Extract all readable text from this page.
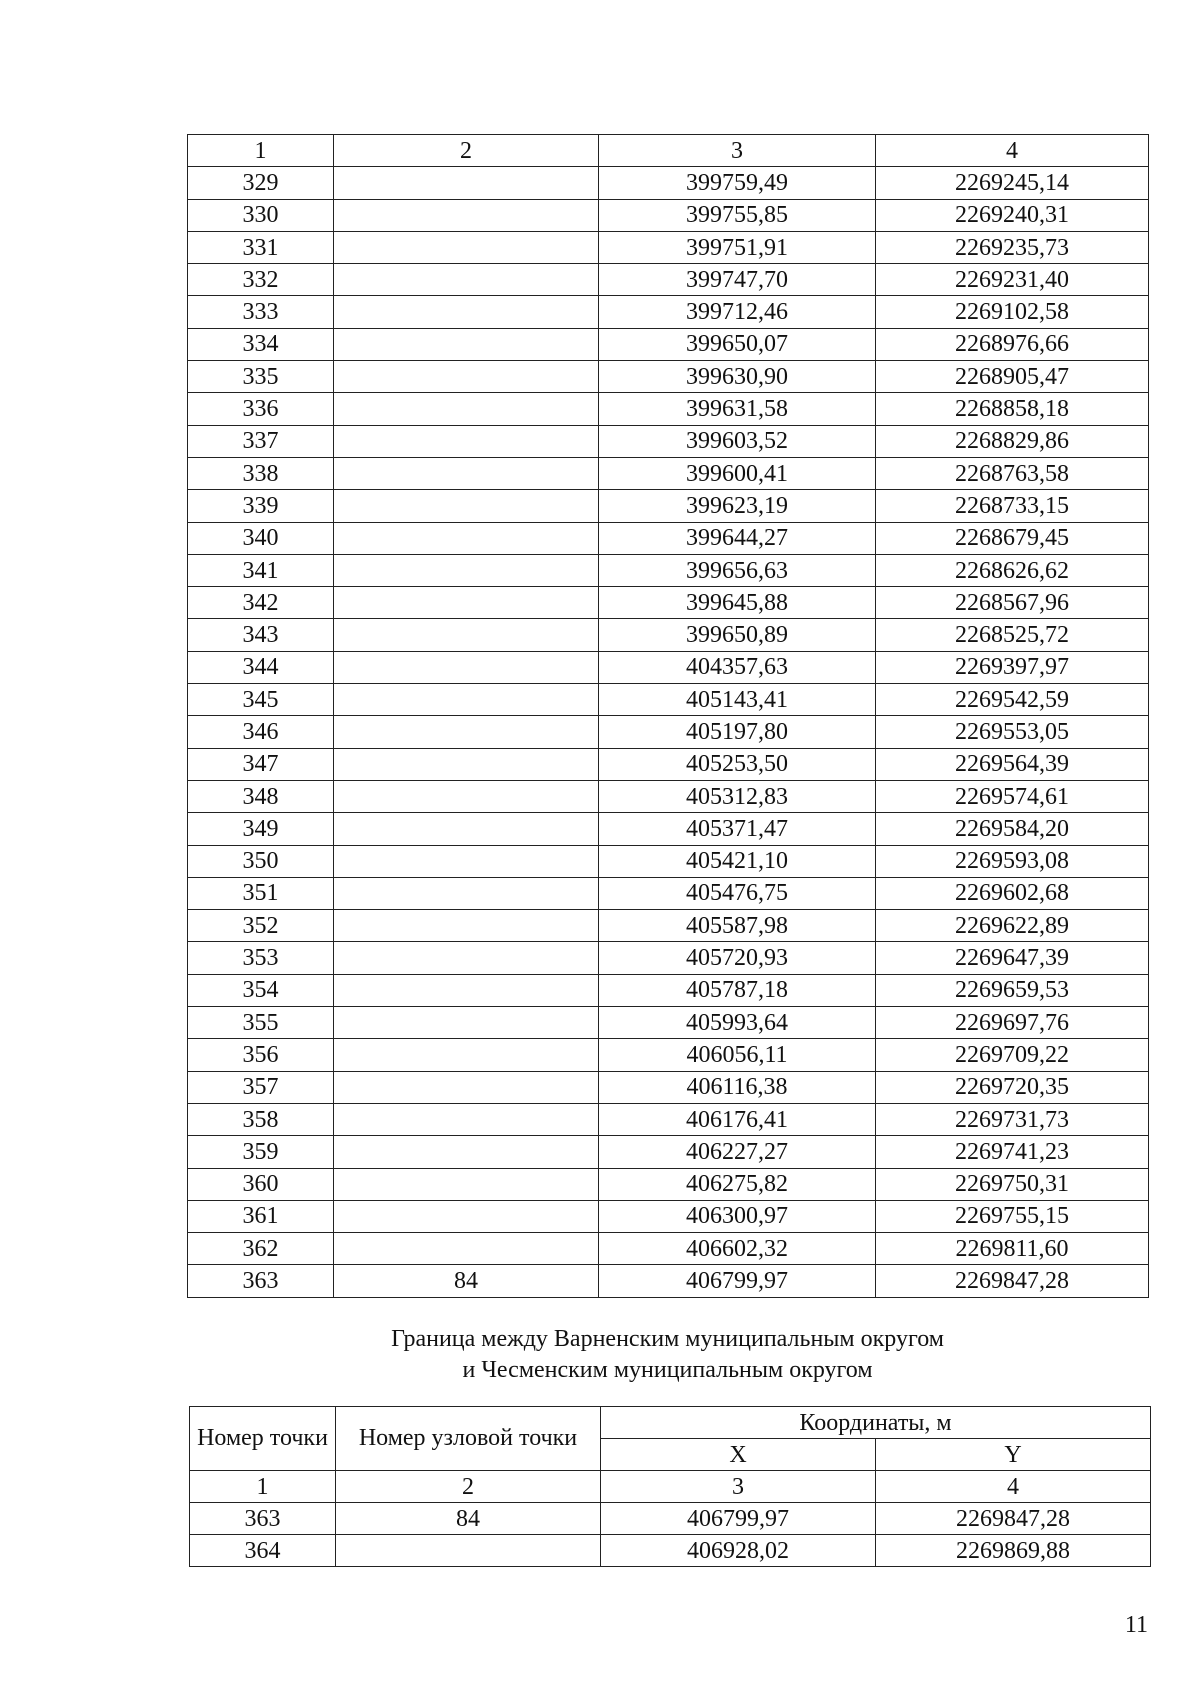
1	2	3	4
329		399759,49	2269245,14
330		399755,85	2269240,31
331		399751,91	2269235,73
332		399747,70	2269231,40
333		399712,46	2269102,58
334		399650,07	2268976,66
335		399630,90	2268905,47
336		399631,58	2268858,18
337		399603,52	2268829,86
338		399600,41	2268763,58
339		399623,19	2268733,15
340		399644,27	2268679,45
341		399656,63	2268626,62
342		399645,88	2268567,96
343		399650,89	2268525,72
344		404357,63	2269397,97
345		405143,41	2269542,59
346		405197,80	2269553,05
347		405253,50	2269564,39
348		405312,83	2269574,61
349		405371,47	2269584,20
350		405421,10	2269593,08
351		405476,75	2269602,68
352		405587,98	2269622,89
353		405720,93	2269647,39
354		405787,18	2269659,53
355		405993,64	2269697,76
356		406056,11	2269709,22
357		406116,38	2269720,35
358		406176,41	2269731,73
359		406227,27	2269741,23
360		406275,82	2269750,31
361		406300,97	2269755,15
362		406602,32	2269811,60
363	84	406799,97	2269847,28
Граница между Варненским муниципальным округом
и Чесменским муниципальным округом
Номер точки	Номер узловой точки	Координаты, м	
		X	Y
1	2	3	4
363	84	406799,97	2269847,28
364		406928,02	2269869,88
11
